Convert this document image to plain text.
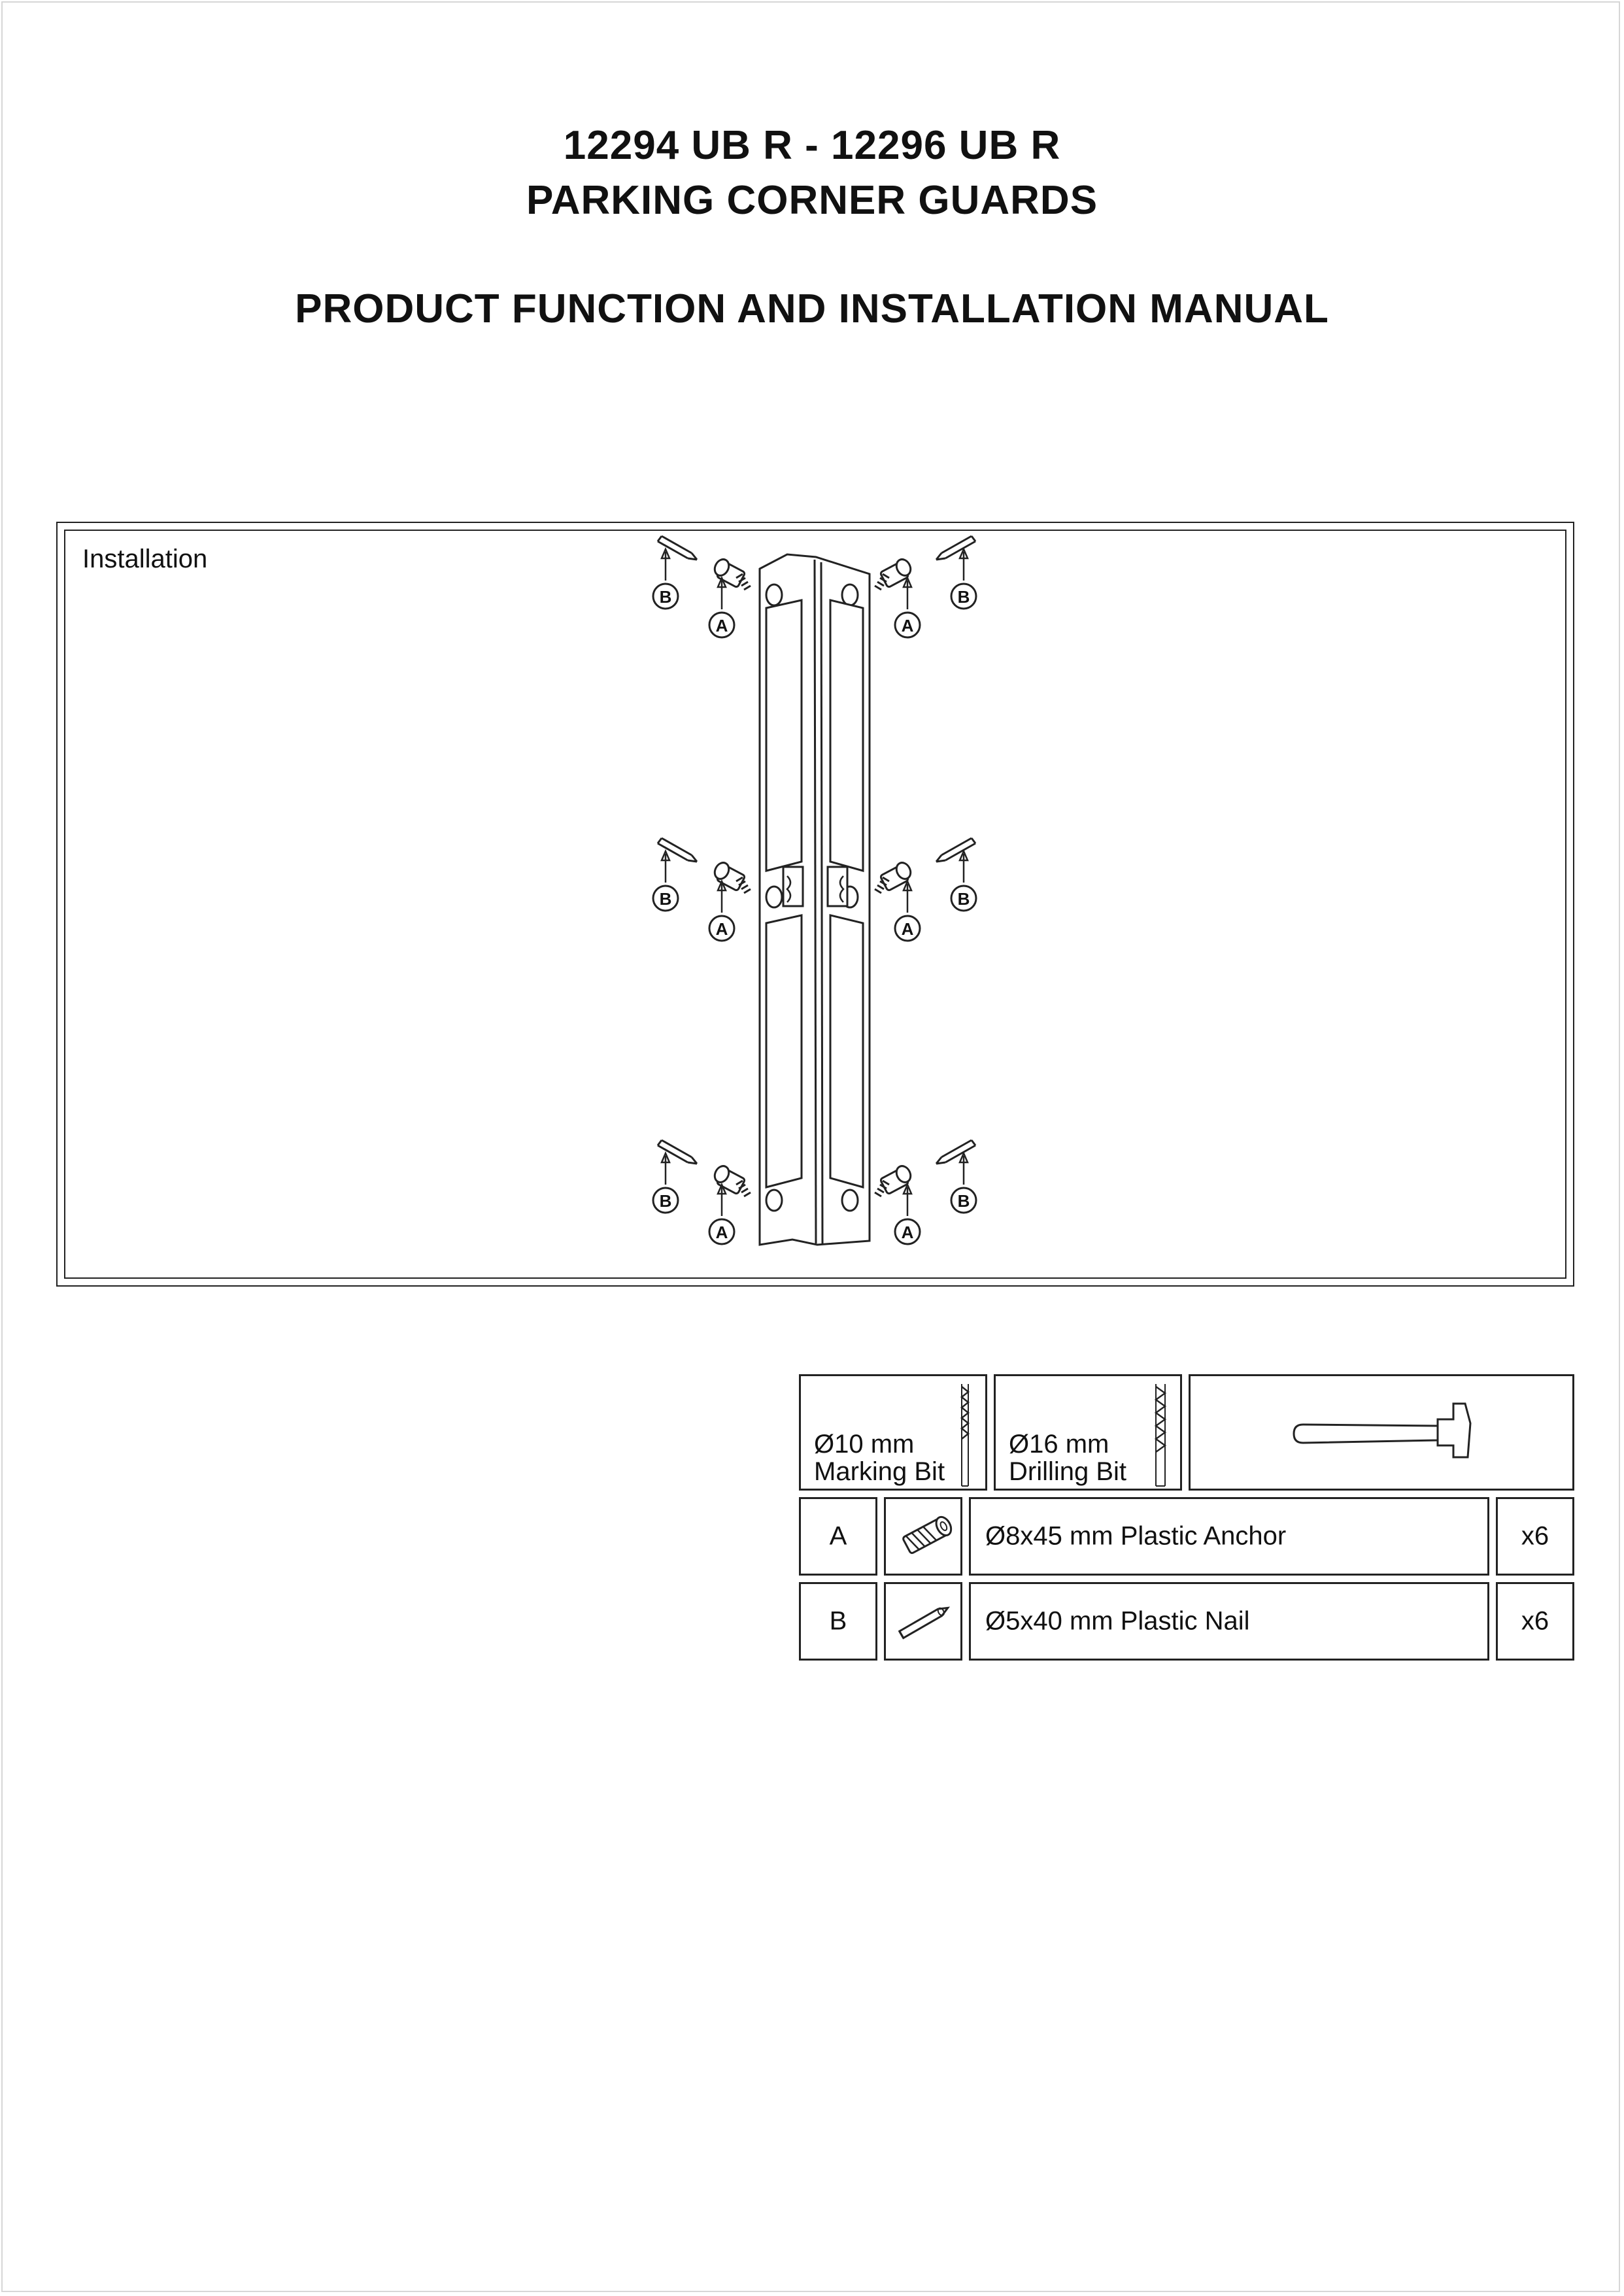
12294 UB R - 12296 UB R
PARKING CORNER GUARDS
PRODUCT FUNCTION AND INSTALLATION MANUAL
Installation
B
A	A
B
B
A	A
B
B
A	A
B
Ø10 mm
Marking Bit
Ø16 mm
Drilling Bit
A	Ø8x45 mm Plastic Anchor	x6
B	Ø5x40 mm Plastic Nail	x6
